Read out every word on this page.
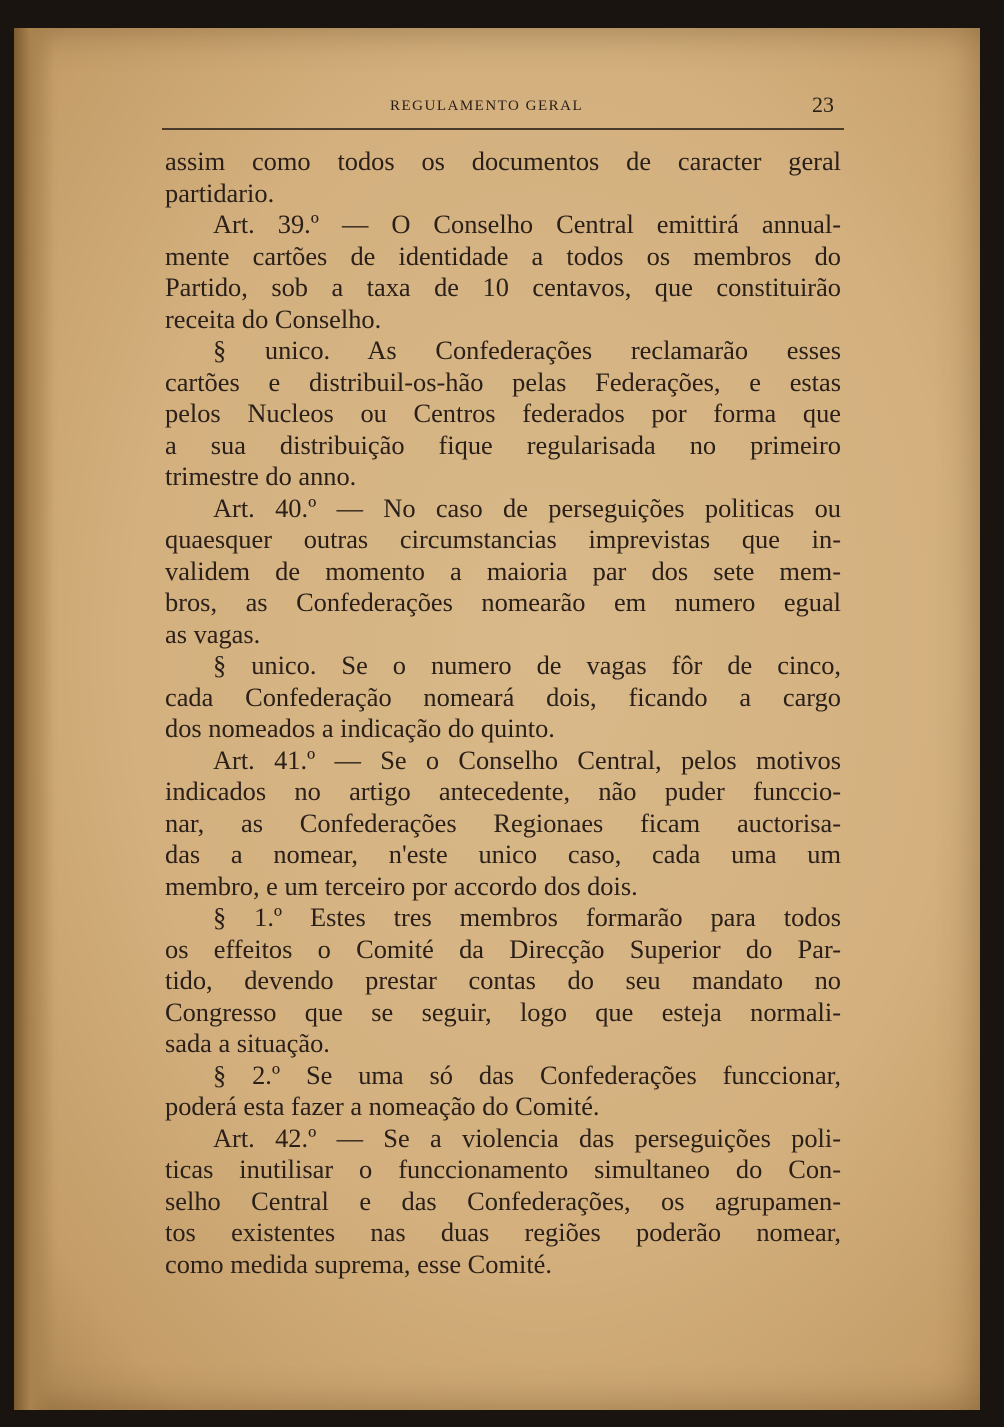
REGULAMENTO GERAL	23
assim como todos os documentos de caracter geral
partidario.
Art. 39.º — O Conselho Central emittirá annual-
mente cartões de identidade a todos os membros do
Partido, sob a taxa de 10 centavos, que constituirão
receita do Conselho.
§ unico. As Confederações reclamarão esses
cartões e distribuil-os-hão pelas Federações, e estas
pelos Nucleos ou Centros federados por forma que
a sua distribuição fique regularisada no primeiro
trimestre do anno.
Art. 40.º — No caso de perseguições politicas ou
quaesquer outras circumstancias imprevistas que in-
validem de momento a maioria par dos sete mem-
bros, as Confederações nomearão em numero egual
as vagas.
§ unico. Se o numero de vagas fôr de cinco,
cada Confederação nomeará dois, ficando a cargo
dos nomeados a indicação do quinto.
Art. 41.º — Se o Conselho Central, pelos motivos
indicados no artigo antecedente, não puder funccio-
nar, as Confederações Regionaes ficam auctorisa-
das a nomear, n'este unico caso, cada uma um
membro, e um terceiro por accordo dos dois.
§ 1.º Estes tres membros formarão para todos
os effeitos o Comité da Direcção Superior do Par-
tido, devendo prestar contas do seu mandato no
Congresso que se seguir, logo que esteja normali-
sada a situação.
§ 2.º Se uma só das Confederações funccionar,
poderá esta fazer a nomeação do Comité.
Art. 42.º — Se a violencia das perseguições poli-
ticas inutilisar o funccionamento simultaneo do Con-
selho Central e das Confederações, os agrupamen-
tos existentes nas duas regiões poderão nomear,
como medida suprema, esse Comité.
